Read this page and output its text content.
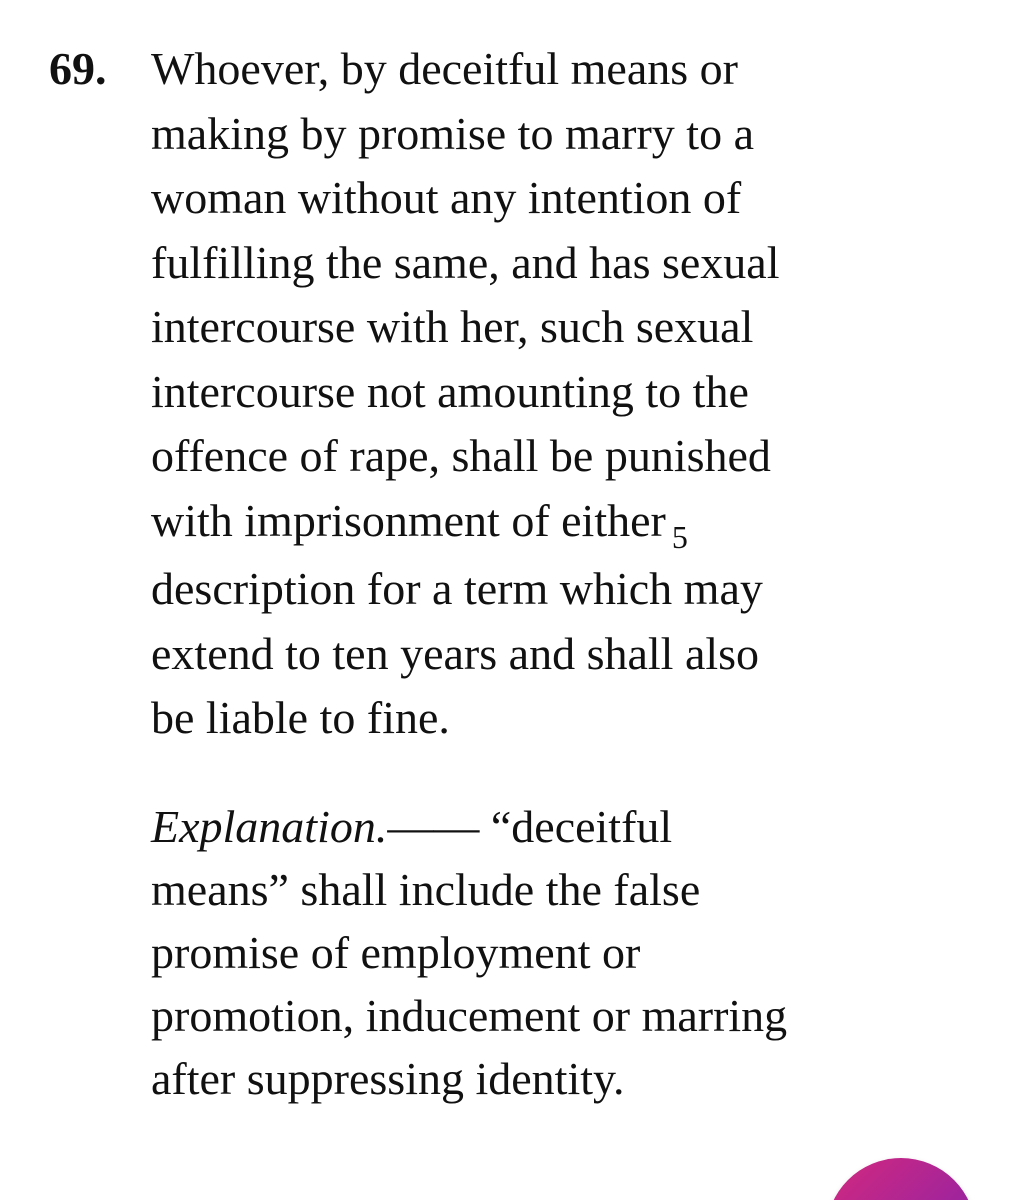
69. Whoever, by deceitful means or
making by promise to marry to a
woman without any intention of
fulfilling the same, and has sexual
intercourse with her, such sexual
intercourse not amounting to the
offence of rape, shall be punished
with imprisonment of either $_5$
description for a term which may
extend to ten years and shall also
be liable to fine.

Explanation.—— “deceitful
means” shall include the false
promise of employment or
promotion, inducement or marring
after suppressing identity.
